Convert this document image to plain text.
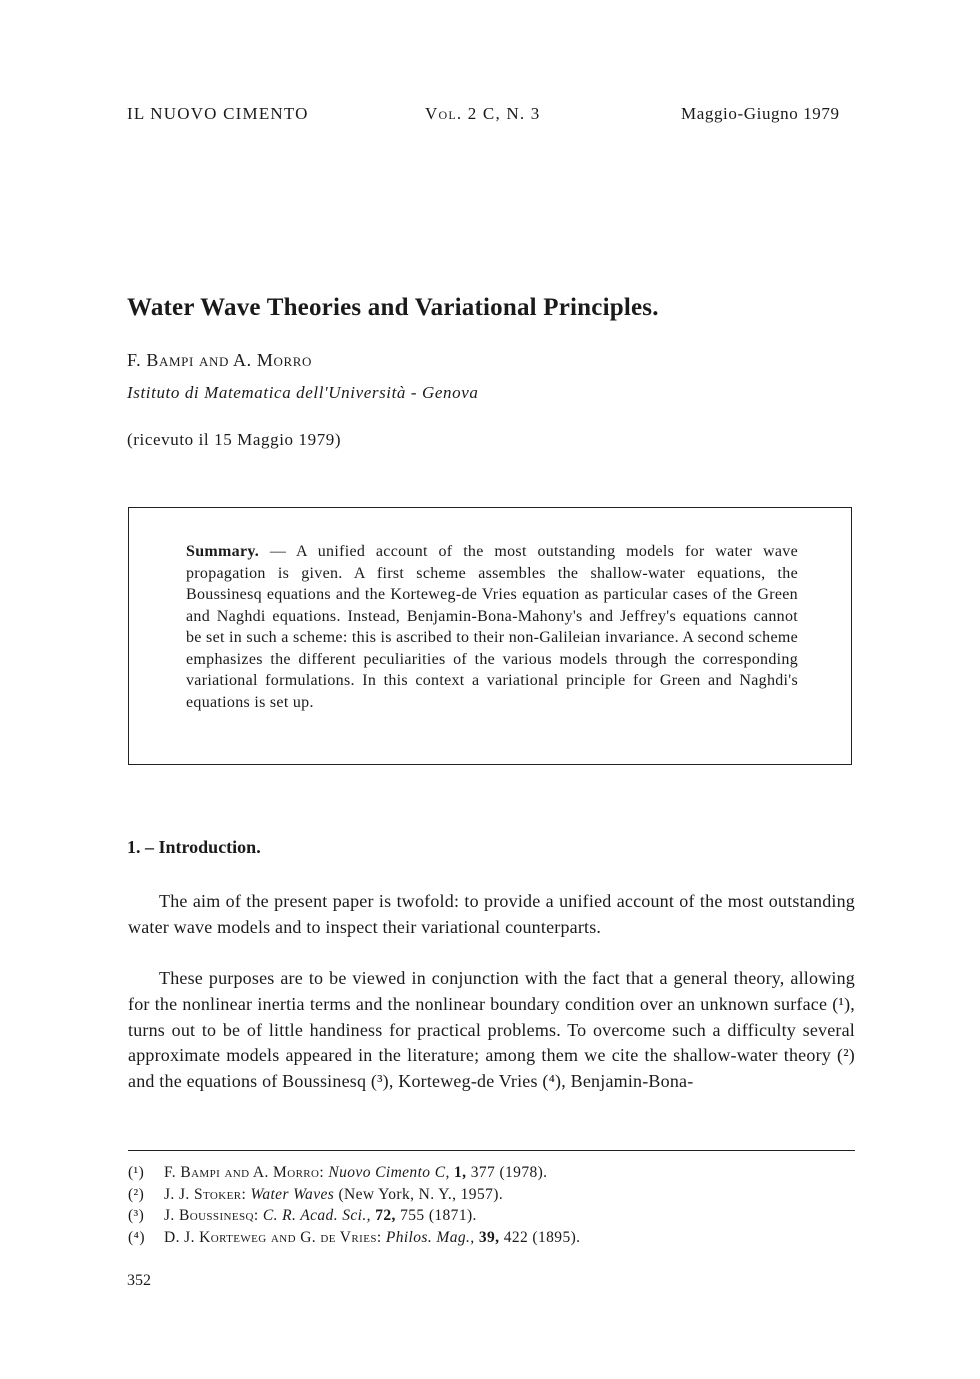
IL NUOVO CIMENTO	Vol. 2 C, N. 3	Maggio-Giugno 1979
Water Wave Theories and Variational Principles.
F. Bampi and A. Morro
Istituto di Matematica dell'Università - Genova
(ricevuto il 15 Maggio 1979)
Summary. — A unified account of the most outstanding models for water wave propagation is given. A first scheme assembles the shallow-water equations, the Boussinesq equations and the Korteweg-de Vries equation as particular cases of the Green and Naghdi equations. Instead, Benjamin-Bona-Mahony's and Jeffrey's equations cannot be set in such a scheme: this is ascribed to their non-Galileian invariance. A second scheme emphasizes the different peculiarities of the various models through the corresponding variational formulations. In this context a variational principle for Green and Naghdi's equations is set up.
1. – Introduction.
The aim of the present paper is twofold: to provide a unified account of the most outstanding water wave models and to inspect their variational counterparts.
These purposes are to be viewed in conjunction with the fact that a general theory, allowing for the nonlinear inertia terms and the nonlinear boundary condition over an unknown surface (¹), turns out to be of little handiness for practical problems. To overcome such a difficulty several approximate models appeared in the literature; among them we cite the shallow-water theory (²) and the equations of Boussinesq (³), Korteweg-de Vries (⁴), Benjamin-Bona-
(¹)	F. Bampi and A. Morro: Nuovo Cimento C, 1, 377 (1978).
(²)	J. J. Stoker: Water Waves (New York, N. Y., 1957).
(³)	J. Boussinesq: C. R. Acad. Sci., 72, 755 (1871).
(⁴)	D. J. Korteweg and G. de Vries: Philos. Mag., 39, 422 (1895).
352
